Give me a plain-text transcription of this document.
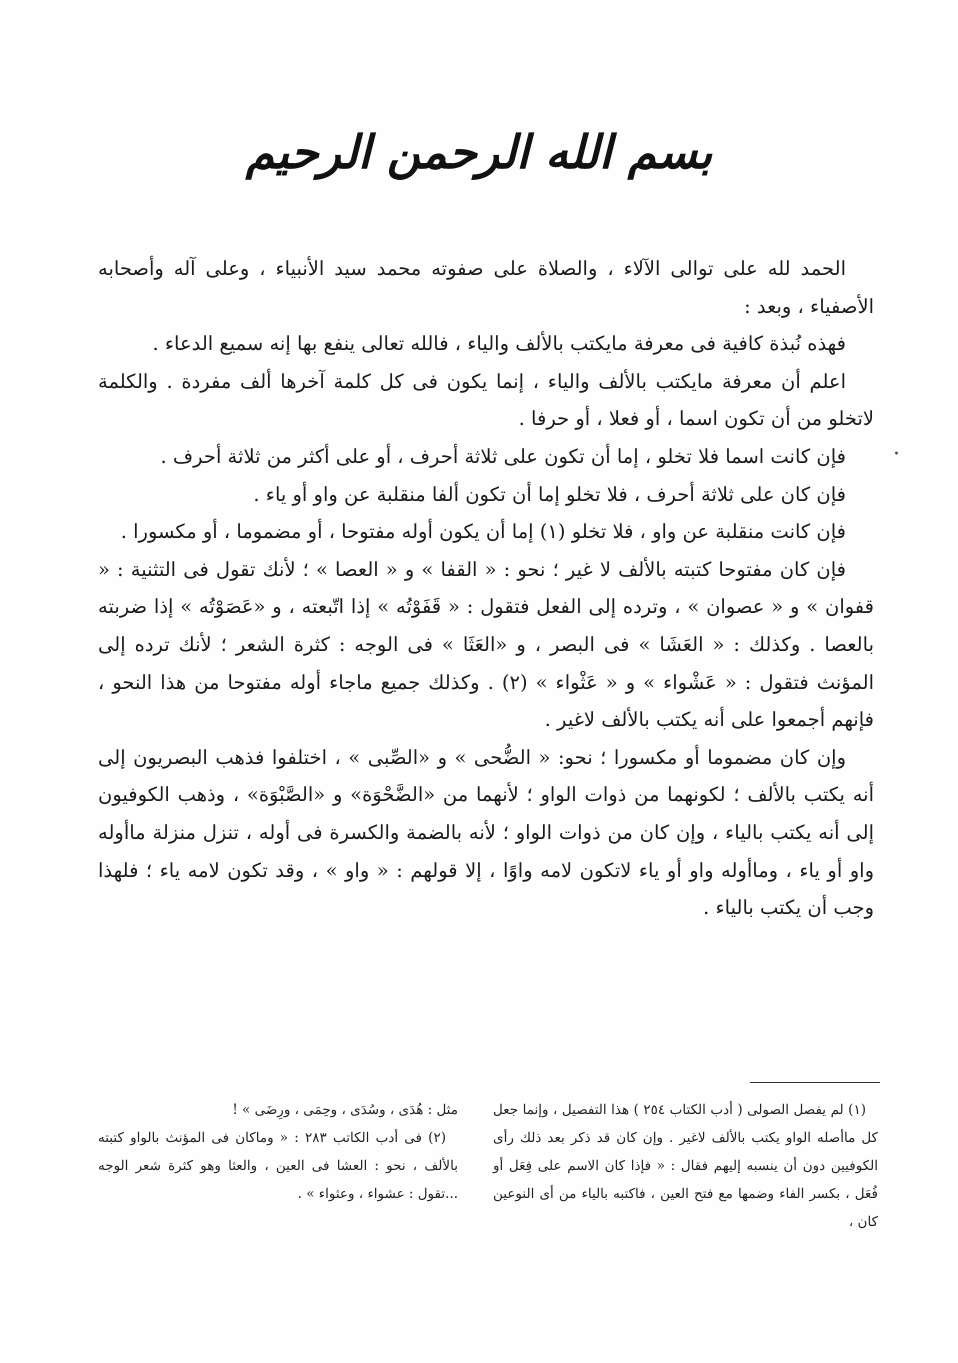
بسم الله الرحمن الرحيم

الحمد لله على توالى الآلاء ، والصلاة على صفوته محمد سيد الأنبياء ، وعلى آله وأصحابه الأصفياء ، وبعد :

فهذه نُبذة كافية فى معرفة مايكتب بالألف والياء ، فالله تعالى ينفع بها إنه سميع الدعاء .

اعلم أن معرفة مايكتب بالألف والياء ، إنما يكون فى كل كلمة آخرها ألف مفردة . والكلمة لاتخلو من أن تكون اسما ، أو فعلا ، أو حرفا .

فإن كانت اسما فلا تخلو ، إما أن تكون على ثلاثة أحرف ، أو على أكثر من ثلاثة أحرف .

فإن كان على ثلاثة أحرف ، فلا تخلو إما أن تكون ألفا منقلبة عن واو أو ياء .

فإن كانت منقلبة عن واو ، فلا تخلو (١) إما أن يكون أوله مفتوحا ، أو مضموما ، أو مكسورا .

فإن كان مفتوحا كتبته بالألف لا غير ؛ نحو : « القفا » و « العصا » ؛ لأنك تقول فى التثنية : « قفوان » و « عصوان » ، وترده إلى الفعل فتقول : « قَفَوْتُه » إذا اتّبعته ، و «عَصَوْتُه » إذا ضربته بالعصا . وكذلك : « العَشَا » فى البصر ، و «العَثَا » فى الوجه : كثرة الشعر ؛ لأنك ترده إلى المؤنث فتقول : « عَشْواء » و « عَثْواء » (٢) . وكذلك جميع ماجاء أوله مفتوحا من هذا النحو ، فإنهم أجمعوا على أنه يكتب بالألف لاغير .

وإن كان مضموما أو مكسورا ؛ نحو: « الضُّحى » و «الصِّبى » ، اختلفوا فذهب البصريون إلى أنه يكتب بالألف ؛ لكونهما من ذوات الواو ؛ لأنهما من «الضَّحْوَة» و «الصَّبْوَة» ، وذهب الكوفيون إلى أنه يكتب بالياء ، وإن كان من ذوات الواو ؛ لأنه بالضمة والكسرة فى أوله ، تنزل منزلة ماأوله واو أو ياء ، وماأوله واو أو ياء لاتكون لامه واوًا ، إلا قولهم : « واو » ، وقد تكون لامه ياء ؛ فلهذا وجب أن يكتب بالياء .

·

(١) لم يفصل الصولى ( أدب الكتاب ٢٥٤ ) هذا التفصيل ، وإنما جعل كل ماأصله الواو يكتب بالألف لاغير . وإن كان قد ذكر بعد ذلك رأى الكوفيين دون أن ينسبه إليهم فقال : « فإذا كان الاسم على فِعَل أو فُعَل ، بكسر الفاء وضمها مع فتح العين ، فاكتبه بالياء من أى النوعين كان ،

مثل : هُدَى ، وسُدَى ، وحِمَى ، ورِضَى » !

(٢) فى أدب الكاتب ٢٨٣ : « وماكان فى المؤنث بالواو كتبته بالألف ، نحو : العشا فى العين ، والعثا وهو كثرة شعر الوجه ...تقول : عشواء ، وعثواء » .
